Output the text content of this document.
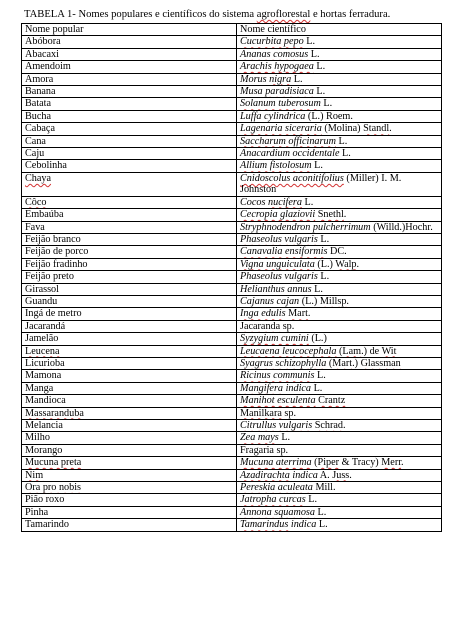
TABELA 1- Nomes populares e científicos do sistema agroflorestal e hortas ferradura.
Nome popular	Nome científico
Abóbora	Cucurbita pepo L.
Abacaxi	Ananas comosus L.
Amendoim	Arachis hypogaea L.
Amora	Morus nigra L.
Banana	Musa paradisiaca L.
Batata	Solanum tuberosum L.
Bucha	Luffa cylindrica (L.) Roem.
Cabaça	Lagenaria siceraria (Molina) Standl.
Cana	Saccharum officinarum L.
Caju	Anacardium occidentale L.
Cebolinha	Allium fistolosum L.
Chaya	Cnidoscolus aconitifolius (Miller) I. M. Johnston
Côco	Cocos nucifera L.
Embaúba	Cecropia glaziovii Snethl.
Fava	Stryphnodendron pulcherrimum (Willd.)Hochr.
Feijão branco	Phaseolus vulgaris L.
Feijão de porco	Canavalia ensiformis DC.
Feijão fradinho	Vigna unguiculata (L.) Walp.
Feijão preto	Phaseolus vulgaris L.
Girassol	Helianthus annus L.
Guandu	Cajanus cajan (L.) Millsp.
Ingá de metro	Inga edulis Mart.
Jacarandá	Jacaranda sp.
Jamelão	Syzygium cumini (L.)
Leucena	Leucaena leucocephala (Lam.) de Wit
Licurioba	Syagrus schizophylla (Mart.) Glassman
Mamona	Ricinus communis L.
Manga	Mangifera indica L.
Mandioca	Manihot esculenta Crantz
Massaranduba	Manilkara sp.
Melancia	Citrullus vulgaris Schrad.
Milho	Zea mays L.
Morango	Fragaria sp.
Mucuna preta	Mucuna aterrima (Piper & Tracy) Merr.
Nim	Azadirachta indica A. Juss.
Ora pro nobis	Pereskia aculeata Mill.
Pião roxo	Jatropha curcas L.
Pinha	Annona squamosa L.
Tamarindo	Tamarindus indica L.
